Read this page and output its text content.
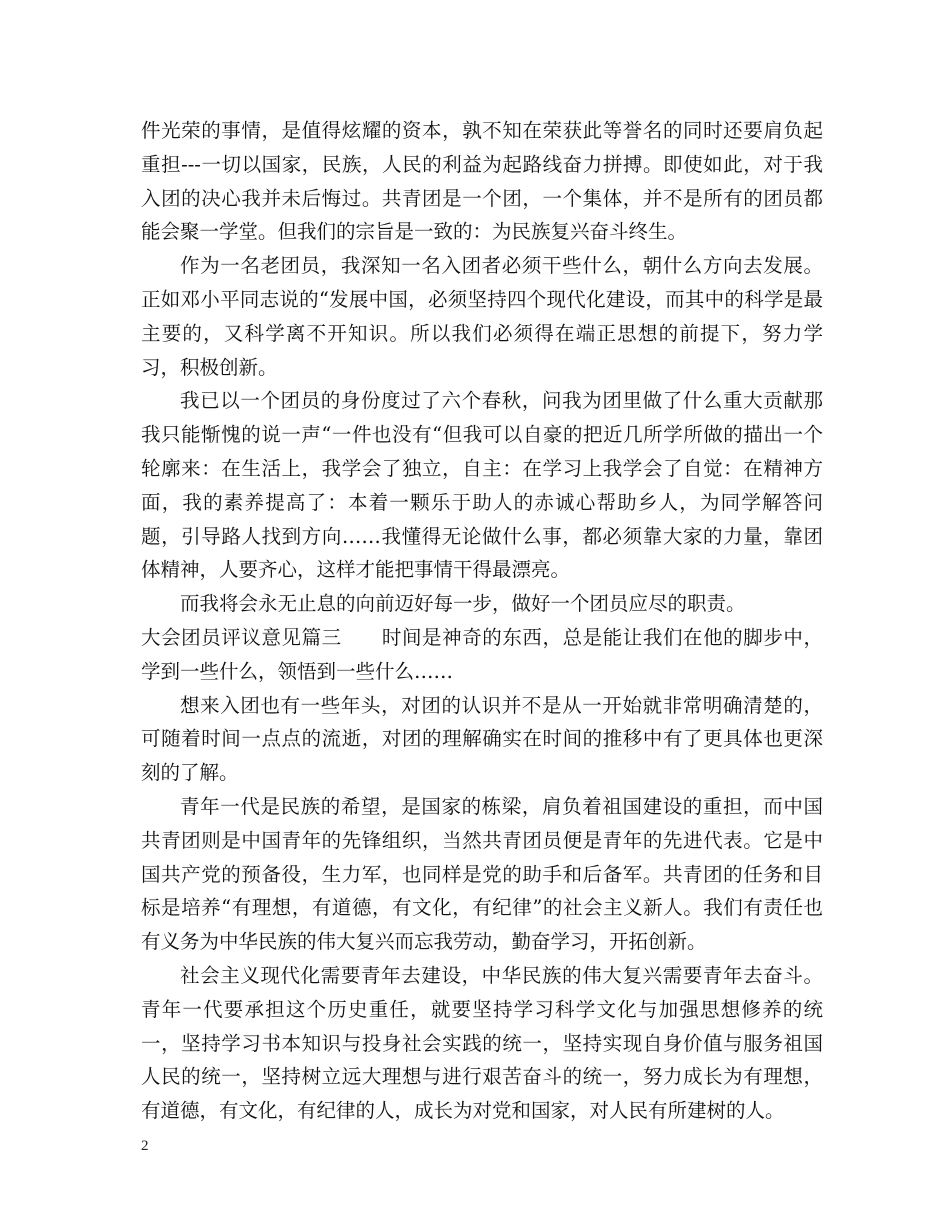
件光荣的事情，是值得炫耀的资本，孰不知在荣获此等誉名的同时还要肩负起重担---一切以国家，民族，人民的利益为起路线奋力拼搏。即使如此，对于我入团的决心我并未后悔过。共青团是一个团，一个集体，并不是所有的团员都能会聚一学堂。但我们的宗旨是一致的：为民族复兴奋斗终生。

作为一名老团员，我深知一名入团者必须干些什么，朝什么方向去发展。正如邓小平同志说的“发展中国，必须坚持四个现代化建设，而其中的科学是最主要的，又科学离不开知识。所以我们必须得在端正思想的前提下，努力学习，积极创新。

我已以一个团员的身份度过了六个春秋，问我为团里做了什么重大贡献那我只能惭愧的说一声“一件也没有“但我可以自豪的把近几所学所做的描出一个轮廓来：在生活上，我学会了独立，自主：在学习上我学会了自觉：在精神方面，我的素养提高了：本着一颗乐于助人的赤诚心帮助乡人，为同学解答问题，引导路人找到方向……我懂得无论做什么事，都必须靠大家的力量，靠团体精神，人要齐心，这样才能把事情干得最漂亮。

而我将会永无止息的向前迈好每一步，做好一个团员应尽的职责。

大会团员评议意见篇三　　时间是神奇的东西，总是能让我们在他的脚步中，学到一些什么，领悟到一些什么……

想来入团也有一些年头，对团的认识并不是从一开始就非常明确清楚的，可随着时间一点点的流逝，对团的理解确实在时间的推移中有了更具体也更深刻的了解。

青年一代是民族的希望，是国家的栋梁，肩负着祖国建设的重担，而中国共青团则是中国青年的先锋组织，当然共青团员便是青年的先进代表。它是中国共产党的预备役，生力军，也同样是党的助手和后备军。共青团的任务和目标是培养“有理想，有道德，有文化，有纪律”的社会主义新人。我们有责任也有义务为中华民族的伟大复兴而忘我劳动，勤奋学习，开拓创新。

社会主义现代化需要青年去建设，中华民族的伟大复兴需要青年去奋斗。青年一代要承担这个历史重任，就要坚持学习科学文化与加强思想修养的统一，坚持学习书本知识与投身社会实践的统一，坚持实现自身价值与服务祖国人民的统一，坚持树立远大理想与进行艰苦奋斗的统一，努力成长为有理想，有道德，有文化，有纪律的人，成长为对党和国家，对人民有所建树的人。

2
